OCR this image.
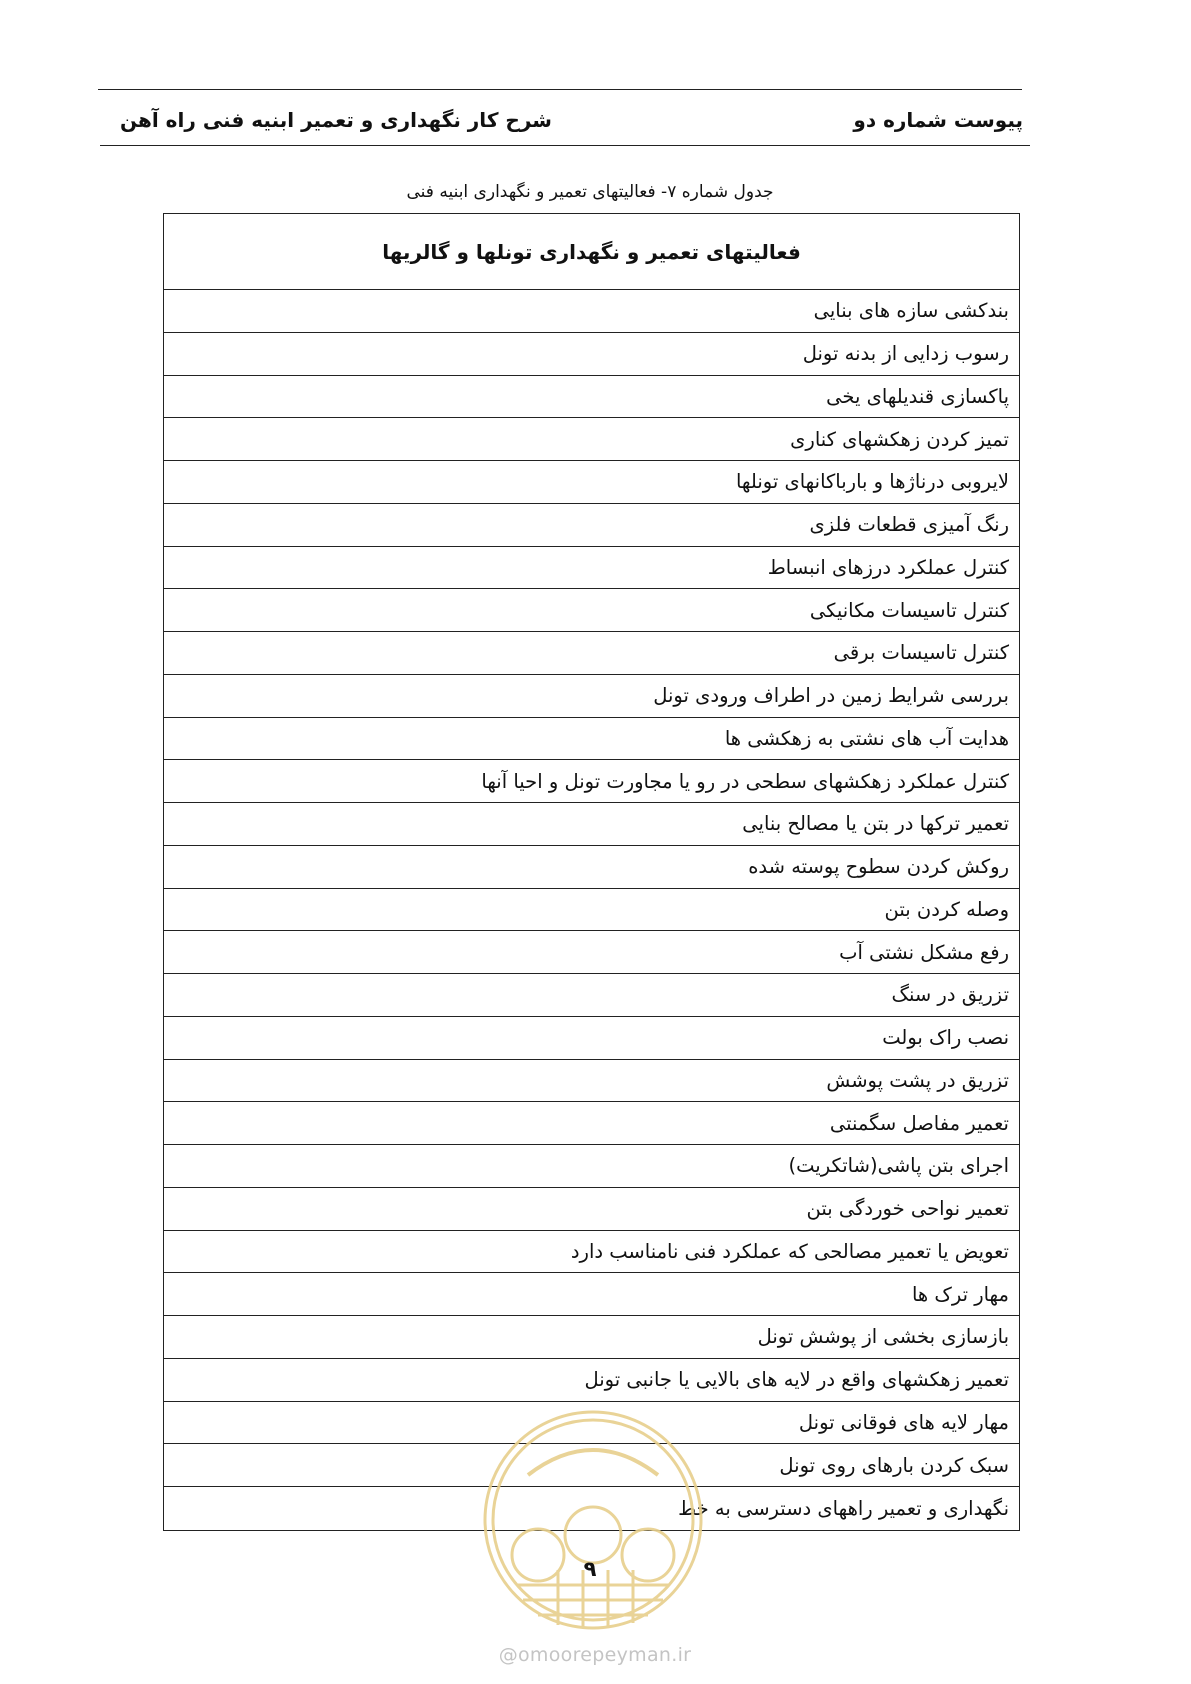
پیوست شماره دو
شرح کار نگهداری و تعمیر ابنیه فنی راه آهن
جدول شماره ۷- فعالیتهای تعمیر و نگهداری ابنیه فنی
فعالیتهای تعمیر و نگهداری تونلها و گالریها
بندکشی سازه های بنایی
رسوب زدایی از بدنه تونل
پاکسازی قندیلهای یخی
تمیز کردن زهکشهای کناری
لایروبی درناژها و بارباکانهای تونلها
رنگ آمیزی قطعات فلزی
کنترل عملکرد درزهای انبساط
کنترل تاسیسات مکانیکی
کنترل تاسیسات برقی
بررسی شرایط زمین در اطراف ورودی تونل
هدایت آب های نشتی به زهکشی ها
کنترل عملکرد زهکشهای سطحی در رو یا مجاورت تونل و احیا آنها
تعمیر ترکها در بتن یا مصالح بنایی
روکش کردن سطوح پوسته شده
وصله کردن بتن
رفع مشکل نشتی آب
تزریق در سنگ
نصب راک بولت
تزریق در پشت پوشش
تعمیر مفاصل سگمنتی
اجرای بتن پاشی(شاتکریت)
تعمیر نواحی خوردگی بتن
تعویض یا تعمیر مصالحی که عملکرد فنی نامناسب دارد
مهار ترک ها
بازسازی بخشی از پوشش تونل
تعمیر زهکشهای واقع در لایه های بالایی یا جانبی تونل
مهار لایه های فوقانی تونل
سبک کردن بارهای روی تونل
نگهداری و تعمیر راههای دسترسی به خط
۹
@omoorepeyman.ir
